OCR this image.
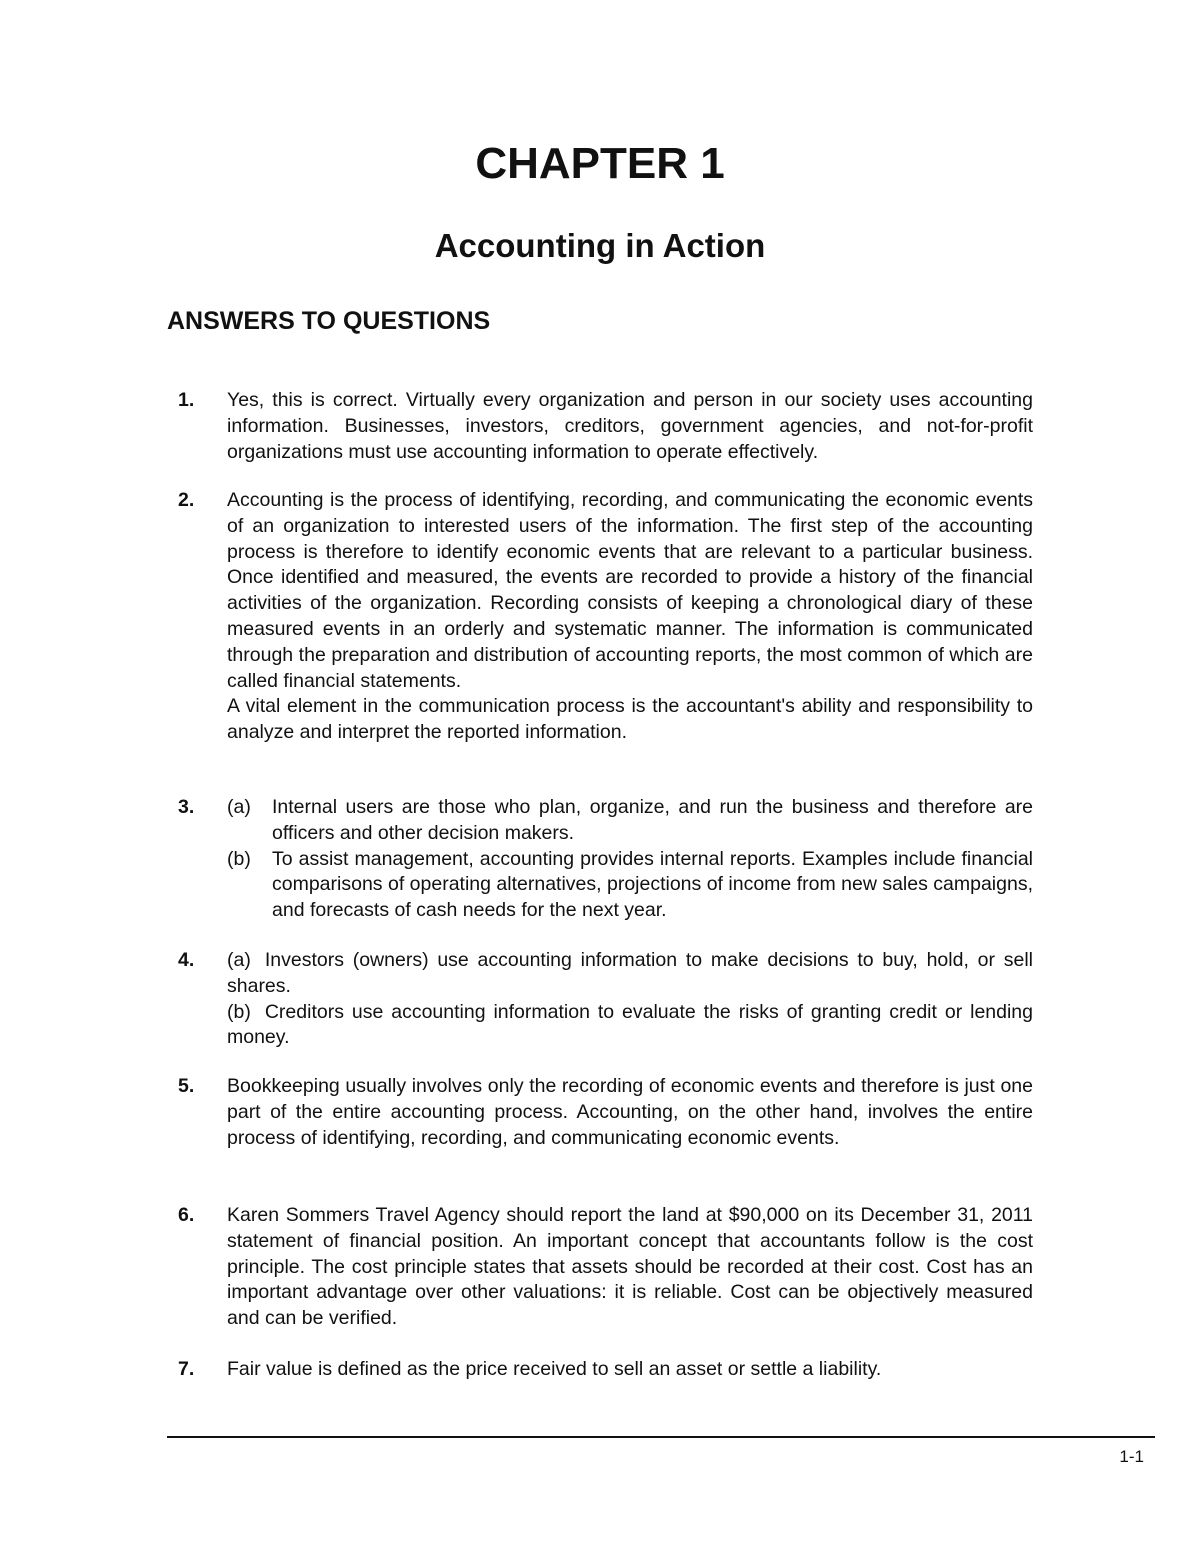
CHAPTER 1
Accounting in Action
ANSWERS TO QUESTIONS
1. Yes, this is correct. Virtually every organization and person in our society uses accounting information. Businesses, investors, creditors, government agencies, and not-for-profit organizations must use accounting information to operate effectively.

2. Accounting is the process of identifying, recording, and communicating the economic events of an organization to interested users of the information. The first step of the accounting process is therefore to identify economic events that are relevant to a particular business. Once identified and measured, the events are recorded to provide a history of the financial activities of the organization. Recording consists of keeping a chronological diary of these measured events in an orderly and systematic manner. The information is communicated through the preparation and distribution of accounting reports, the most common of which are called financial statements.

A vital element in the communication process is the accountant's ability and responsibility to analyze and interpret the reported information.

3. (a) Internal users are those who plan, organize, and run the business and therefore are officers and other decision makers.
(b) To assist management, accounting provides internal reports. Examples include financial comparisons of operating alternatives, projections of income from new sales campaigns, and forecasts of cash needs for the next year.
4. (a) Investors (owners) use accounting information to make decisions to buy, hold, or sell shares.

(b) Creditors use accounting information to evaluate the risks of granting credit or lending money.

5. Bookkeeping usually involves only the recording of economic events and therefore is just one part of the entire accounting process. Accounting, on the other hand, involves the entire process of identifying, recording, and communicating economic events.

6. Karen Sommers Travel Agency should report the land at $90,000 on its December 31, 2011 statement of financial position. An important concept that accountants follow is the cost principle. The cost principle states that assets should be recorded at their cost. Cost has an important advantage over other valuations: it is reliable. Cost can be objectively measured and can be verified.

7. Fair value is defined as the price received to sell an asset or settle a liability.

1-1
